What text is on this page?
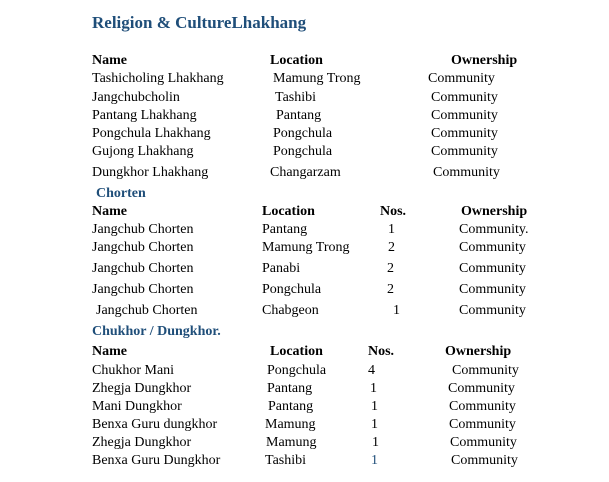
Religion & CultureLhakhang
Name	Location	Ownership
Tashicholing Lhakhang	Mamung Trong	Community
Jangchubcholin	Tashibi	Community
Pantang Lhakhang	Pantang	Community
Pongchula Lhakhang	Pongchula	Community
Gujong Lhakhang	Pongchula	Community
Dungkhor Lhakhang	Changarzam	Community
Chorten
Name	Location	Nos.	Ownership
Jangchub Chorten	Pantang	1	Community.
Jangchub Chorten	Mamung Trong	2	Community
Jangchub Chorten	Panabi	2	Community
Jangchub Chorten	Pongchula	2	Community
Jangchub Chorten	Chabgeon	1	Community
Chukhor / Dungkhor.
Name	Location	Nos.	Ownership
Chukhor Mani	Pongchula	4	Community
Zhegja Dungkhor	Pantang	1	Community
Mani Dungkhor	Pantang	1	Community
Benxa Guru dungkhor	Mamung	1	Community
Zhegja Dungkhor	Mamung	1	Community
Benxa Guru Dungkhor	Tashibi	1	Community
